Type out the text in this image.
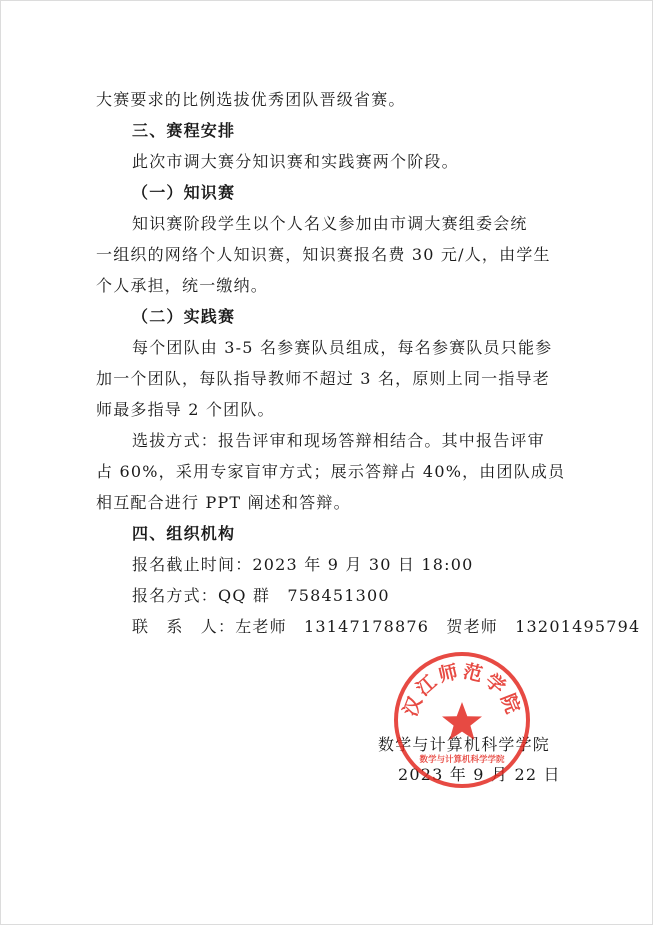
大赛要求的比例选拔优秀团队晋级省赛。
三、赛程安排
此次市调大赛分知识赛和实践赛两个阶段。
（一）知识赛
知识赛阶段学生以个人名义参加由市调大赛组委会统
一组织的网络个人知识赛，知识赛报名费 30 元/人，由学生
个人承担，统一缴纳。
（二）实践赛
每个团队由 3-5 名参赛队员组成，每名参赛队员只能参
加一个团队，每队指导教师不超过 3 名，原则上同一指导老
师最多指导 2 个团队。
选拔方式：报告评审和现场答辩相结合。其中报告评审
占 60%，采用专家盲审方式；展示答辩占 40%，由团队成员
相互配合进行 PPT 阐述和答辩。
四、组织机构
报名截止时间：2023 年 9 月 30 日 18:00
报名方式：QQ 群　758451300
联　系　人：左老师　13147178876　贺老师　13201495794
数学与计算机科学学院
2023 年 9 月 22 日
汉江师范学院
数学与计算机科学学院
